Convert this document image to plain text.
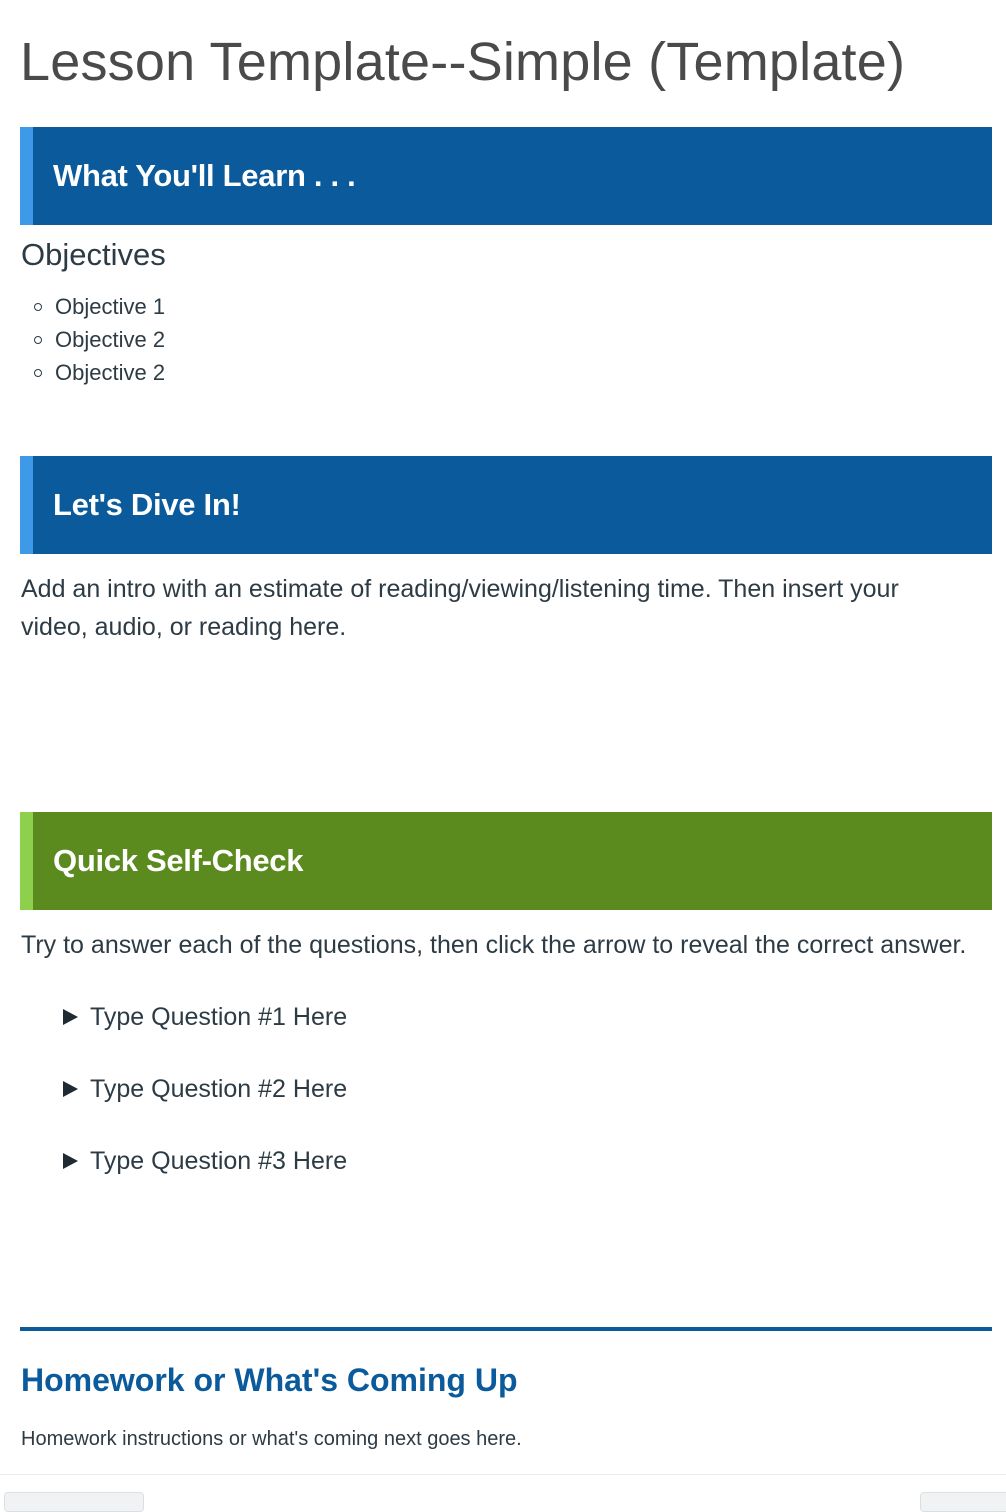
Lesson Template--Simple (Template)
What You'll Learn . . .
Objectives
Objective 1
Objective 2
Objective 2
Let's Dive In!

Add an intro with an estimate of reading/viewing/listening time. Then insert your
video, audio, or reading here.

Quick Self-Check

Try to answer each of the questions, then click the arrow to reveal the correct answer.

Type Question #1 Here
Type Question #2 Here
Type Question #3 Here
Homework or What's Coming Up

Homework instructions or what's coming next goes here.
